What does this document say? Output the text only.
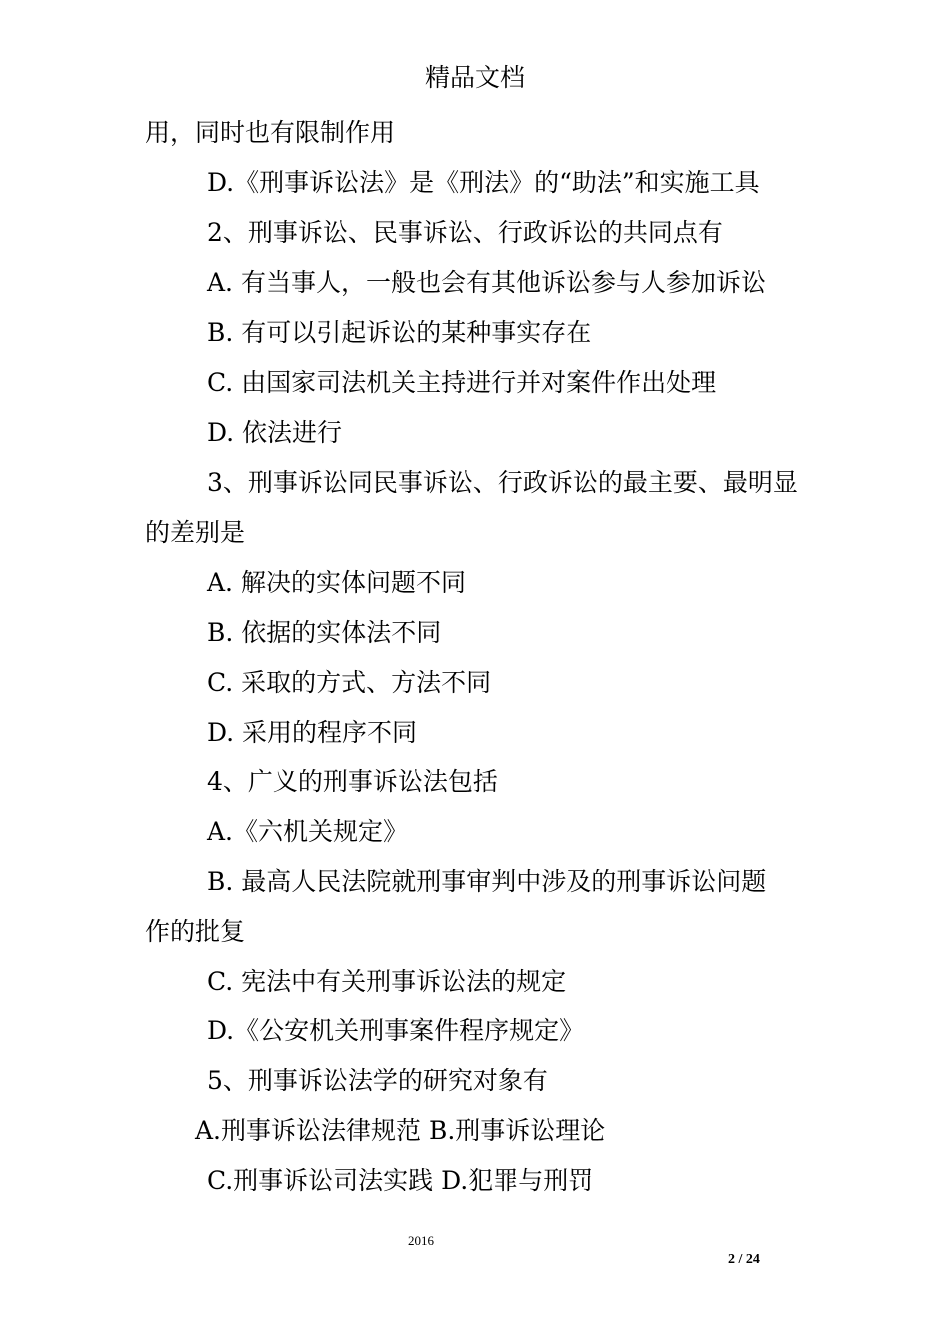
精品文档
用，同时也有限制作用
D.《刑事诉讼法》是《刑法》的“助法”和实施工具
2、刑事诉讼、民事诉讼、行政诉讼的共同点有
A. 有当事人，一般也会有其他诉讼参与人参加诉讼
B. 有可以引起诉讼的某种事实存在
C. 由国家司法机关主持进行并对案件作出处理
D. 依法进行
3、刑事诉讼同民事诉讼、行政诉讼的最主要、最明显
的差别是
A. 解决的实体问题不同
B. 依据的实体法不同
C. 采取的方式、方法不同
D. 采用的程序不同
4、广义的刑事诉讼法包括
A.《六机关规定》
B. 最高人民法院就刑事审判中涉及的刑事诉讼问题
作的批复
C. 宪法中有关刑事诉讼法的规定
D.《公安机关刑事案件程序规定》
5、刑事诉讼法学的研究对象有
A.刑事诉讼法律规范 B.刑事诉讼理论
C.刑事诉讼司法实践 D.犯罪与刑罚
2016
2 / 24
